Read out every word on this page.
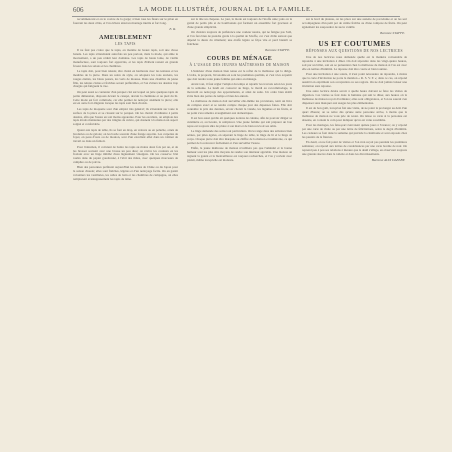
606	LA MODE ILLUSTRÉE, JOURNAL DE LA FAMILLE.

recommencent et on le couvre de la gorge; à bien tous les fleurs sur le pilon en fourrant les deux côtés, et l'on évitera ainsi un montage inutile et fort long.

E. R.
AMEUBLEMENT
LES TAPIS

Il ne faut pas croire que le tapis, en matière de beaux tapis, soit une chose banale. Les tapis s'étendaient autrefois un peu partout, mais la mode, qui aime le mouvement, a un peu réduit leur domaine. Les tapis de haute laine, de vieille manufacture, sont toujours fort appréciés, et les tapis d'Orient restent en grande faveur dans les salons et les chambres.

Le tapis doit, pour bien réussir, être choisi en harmonie avec les tentures et les meubles de la pièce. Dans un salon de style, on adoptera les tons anciens, les rouges éteints, les bleus passés, les verts de mousse. Dans une chambre de jeune fille, les teintes claires et fraîches seront préférables, et l'on évitera les dessins trop chargés qui fatiguent la vue.

On peut aussi se contenter d'un parquet ciré sur lequel on jette quelques tapis de petite dimension, disposés devant le canapé, devant la cheminée et au pied du lit. Cette mode est fort commode, car elle permet de nettoyer aisément la pièce; elle est en outre fort élégante lorsque les tapis sont bien choisis.

Les tapis de moquette sont d'un emploi très général; ils s'étendent sur toute la surface de la pièce et se clouent sur le parquet. On les choisit d'ordinaire à petits dessins, afin que l'usure en soit moins apparente. Pour les escaliers, on emploie des tapis étroits maintenus par des tringles de cuivre, qui donnent à la maison un aspect soigné et confortable.

Quant aux tapis de table, ils se font en drap, en velours ou en peluche, ornés de broderies ou de galons; on les borde souvent d'une frange assortie. Les carpettes de foyer, en peau d'ours ou de mouton, sont d'un excellent effet dans un cabinet de travail ou dans un fumoir.

Pour l'entretien, il convient de battre les tapis au moins deux fois par an, et de les brosser souvent avec une brosse un peu dure; on ravive les couleurs en les frottant avec un linge imbibé d'eau légèrement vinaigrée. On les conserve l'été roulés dans du papier goudronné, à l'abri des mites, avec quelques morceaux de camphre ou de poivre.

Bien des personnes préfèrent aujourd'hui les nattes de Chine ou du Japon pour la saison chaude; elles sont fraîches, légères et d'un nettoyage facile. On en garnit volontiers les vestibules, les salles de bain et les chambres de campagne, où elles remplacent avantageusement les tapis de laine.

sur la tête un chapeau. Le jour, la mode est toujours de l'étoffe unie; puis on la garnit de petits plis et de bouillonnés qui forment un ensemble fort gracieux et d'une grande simplicité.

On choisira toujours de préférence une couleur neutre, qui ne fatigue pas l'œil, et l'on fera bien de prendre garde à la qualité de l'étoffe, car c'est d'elle surtout que dépend la durée du vêtement; une étoffe légère se fripe vite et perd bientôt sa fraîcheur.

Baronne STAFFE.
COURS DE MÉNAGE
À L'USAGE DES JEUNES MAÎTRESSES DE MAISON

L'intérieur d'une maison bien tenue est le reflet de la maîtresse qui la dirige. L'ordre, la propreté, l'économie en sont les premières qualités, et c'est à les acquérir que doit tendre toute jeune femme qui entre en ménage.

Avant tout, il faut régler l'emploi du temps et répartir les travaux selon les jours de la semaine. Le lundi est consacré au linge, le mardi au raccommodage, le mercredi au nettoyage des appartements, et ainsi de suite. Un ordre bien établi évite bien des pertes de temps et bien des ennuis.

La maîtresse de maison doit surveiller elle-même les provisions, tenir un livre de comptes exact et se rendre compte chaque jour des dépenses faites. Elle doit connaître le prix des denrées, savoir choisir la viande, les légumes et les fruits, et ne point s'en remettre aveuglément aux domestiques.

Il est bon aussi qu'elle ait quelques notions de cuisine, afin de pouvoir diriger sa cuisinière et, au besoin, la remplacer. Une jeune femme qui sait préparer un bon repas est toujours sûre de plaire à son mari et de bien recevoir ses amis.

Le linge demande des soins tout particuliers. On le range dans des armoires bien aérées, par piles égales, en séparant le linge de table, le linge de lit et le linge de corps. Chaque pièce doit être marquée au chiffre de la maison et numérotée, ce qui permet de la retrouver facilement et d'en surveiller l'usure.

Enfin, la jeune maîtresse de maison n'oubliera pas que l'aménité et la bonne humeur sont les plus sûrs moyens de rendre son intérieur agréable. Une maison où règnent la gaieté et la bienveillance est toujours recherchée, et l'on y revient avec plaisir, même lorsqu'elle est modeste.

sur le bord du plateau, on les place sur une assiette de porcelaine et on les sert accompagnées d'un petit pot de crème fraîche ou d'une compote de fruits. On peut également les saupoudrer de sucre vanillé.

Baronne STAFFE.
US ET COUTUMES
RÉPONSES AUX QUESTIONS DE NOS LECTRICES

Une de nos lectrices nous demande quelle est la manière convenable de répondre à une invitation à dîner. On doit répondre dans les vingt-quatre heures, soit par un billet, soit en se présentant chez la maîtresse de maison si l'on est avec elle en termes d'intimité. La réponse doit être courte et bien tournée.

Pour une invitation à une soirée, il n'est point nécessaire de répondre, à moins que la carte d'invitation ne porte la mention « R. S. V. P. »; dans ce cas, on répond aussitôt en exprimant son acceptation ou ses regrets. On ne doit jamais laisser une invitation sans réponse.

Une autre lectrice désire savoir à quelle heure doivent se faire les visites de digestion. Ces visites se font dans la huitaine qui suit le dîner, aux heures où la maîtresse de maison reçoit d'ordinaire; elles sont obligatoires, et l'on ne saurait s'en dispenser sans manquer aux usages les plus élémentaires.

Il est de bon goût, lorsqu'on fait une visite, de ne point la prolonger au delà d'un quart d'heure; on se retire dès qu'une autre personne arrive, à moins que la maîtresse de maison ne vous prie de rester. On laisse sa carte si la personne est absente, en cornant le coin pour indiquer qu'on est venu soi-même.

Pour les mariages, les faire-part s'envoient quinze jours à l'avance; on y répond par une carte de visite ou par une lettre de félicitations, selon le degré d'intimité. Les cadeaux se font dans la semaine qui précède la cérémonie et sont exposés chez les parents de la fiancée.

En deuil, on ne fait point de visites et l'on n'en reçoit pas pendant les premières semaines; on répond aux lettres de condoléances par une carte bordée de noir. On reprend peu à peu ses relations à mesure que le deuil s'allège, en observant toujours une grande réserve dans la toilette et dans les divertissements.

Baronne ALIX DANSBY.
